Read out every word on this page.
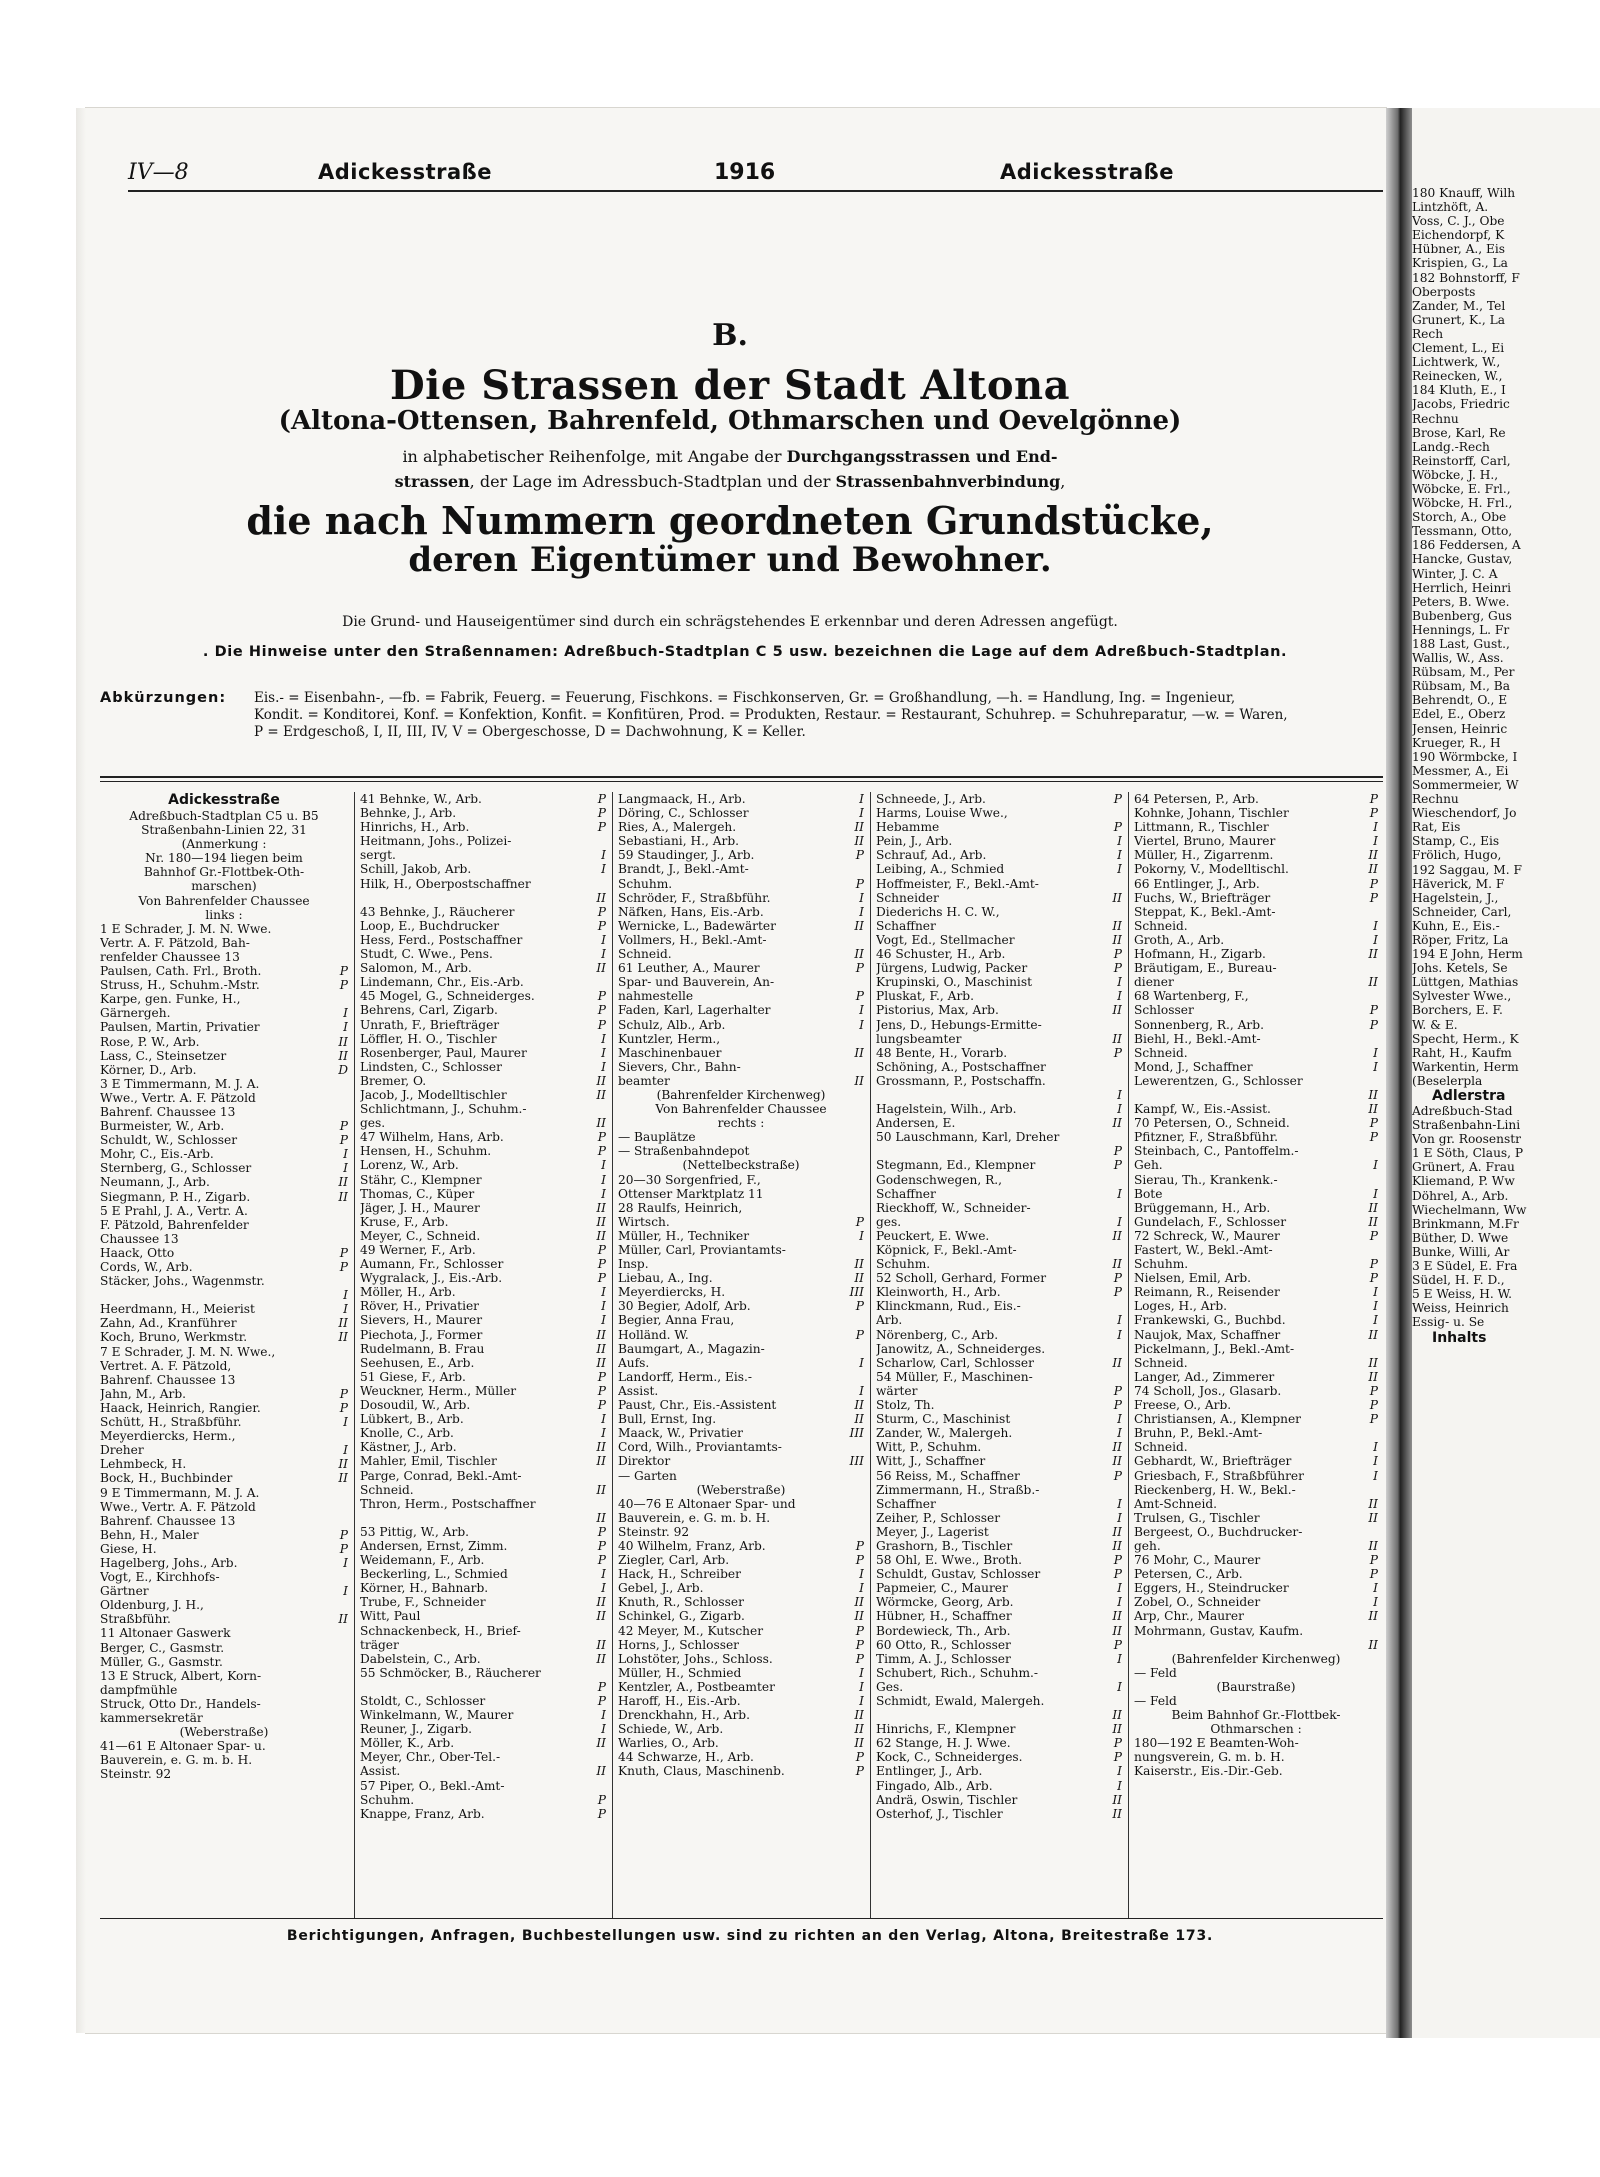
180 Knauff, Wilh
Lintzhöft, A.
Voss, C. J., Obe
Eichendorpf, K
Hübner, A., Eis
Krispien, G., La
182 Bohnstorff, F
Oberposts
Zander, M., Tel
Grunert, K., La
Rech
Clement, L., Ei
Lichtwerk, W.,
Reinecken, W.,
184 Kluth, E., I
Jacobs, Friedric
Rechnu
Brose, Karl, Re
Landg.-Rech
Reinstorff, Carl,
Wöbcke, J. H.,
Wöbcke, E. Frl.,
Wöbcke, H. Frl.,
Storch, A., Obe
Tessmann, Otto,
186 Feddersen, A
Hancke, Gustav,
Winter, J. C. A
Herrlich, Heinri
Peters, B. Wwe.
Bubenberg, Gus
Hennings, L. Fr
188 Last, Gust.,
Wallis, W., Ass.
Rübsam, M., Per
Rübsam, M., Ba
Behrendt, O., E
Edel, E., Oberz
Jensen, Heinric
Krueger, R., H
190 Wörmbcke, I
Messmer, A., Ei
Sommermeier, W
Rechnu
Wieschendorf, Jo
Rat, Eis
Stamp, C., Eis
Frölich, Hugo,
192 Saggau, M. F
Häverick, M. F
Hagelstein, J.,
Schneider, Carl,
Kuhn, E., Eis.-
Röper, Fritz, La
194 E John, Herm
Johs. Ketels, Se
Lüttgen, Mathias
Sylvester Wwe.,
Borchers, E. F.
W. & E.
Specht, Herm., K
Raht, H., Kaufm
Warkentin, Herm
(Beselerpla
Adlerstra
Adreßbuch-Stad
Straßenbahn-Lini
Von gr. Roosenstr
1 E Söth, Claus, P
Grünert, A. Frau
Kliemand, P. Ww
Döhrel, A., Arb.
Wiechelmann, Ww
Brinkmann, M.Fr
Büther, D. Wwe
Bunke, Willi, Ar
3 E Südel, E. Fra
Südel, H. F. D.,
5 E Weiss, H. W.
Weiss, Heinrich
Essig- u. Se
Inhalts
IV—8	Adickesstraße	1916	Adickesstraße
B.
Die Strassen der Stadt Altona
(Altona-Ottensen, Bahrenfeld, Othmarschen und Oevelgönne)
in alphabetischer Reihenfolge, mit Angabe der Durchgangsstrassen und End-
strassen, der Lage im Adressbuch-Stadtplan und der Strassenbahnverbindung,
die nach Nummern geordneten Grundstücke,
deren Eigentümer und Bewohner.
Die Grund- und Hauseigentümer sind durch ein schrägstehendes E erkennbar und deren Adressen angefügt.
. Die Hinweise unter den Straßennamen: Adreßbuch-Stadtplan C 5 usw. bezeichnen die Lage auf dem Adreßbuch-Stadtplan.
Abkürzungen: Eis.- = Eisenbahn-, —fb. = Fabrik, Feuerg. = Feuerung, Fischkons. = Fischkonserven, Gr. = Großhandlung, —h. = Handlung, Ing. = Ingenieur,
Kondit. = Konditorei, Konf. = Konfektion, Konfit. = Konfitüren, Prod. = Produkten, Restaur. = Restaurant, Schuhrep. = Schuhreparatur, —w. = Waren,
P = Erdgeschoß, I, II, III, IV, V = Obergeschosse, D = Dachwohnung, K = Keller.
Adickesstraße
Adreßbuch-Stadtplan C5 u. B5
Straßenbahn-Linien 22, 31
(Anmerkung :
Nr. 180—194 liegen beim
Bahnhof Gr.-Flottbek-Oth-
marschen)
Von Bahrenfelder Chaussee
links :
1 E Schrader, J. M. N. Wwe.
Vertr. A. F. Pätzold, Bah-
renfelder Chaussee 13
Paulsen, Cath. Frl., Broth.	P
Struss, H., Schuhm.-Mstr.	P
Karpe, gen. Funke, H.,
Gärnergeh.	I
Paulsen, Martin, Privatier	I
Rose, P. W., Arb.	II
Lass, C., Steinsetzer	II
Körner, D., Arb.	D
3 E Timmermann, M. J. A.
Wwe., Vertr. A. F. Pätzold
Bahrenf. Chaussee 13
Burmeister, W., Arb.	P
Schuldt, W., Schlosser	P
Mohr, C., Eis.-Arb.	I
Sternberg, G., Schlosser	I
Neumann, J., Arb.	II
Siegmann, P. H., Zigarb.	II
5 E Prahl, J. A., Vertr. A.
F. Pätzold, Bahrenfelder
Chaussee 13
Haack, Otto	P
Cords, W., Arb.	P
Stäcker, Johs., Wagenmstr.
I
Heerdmann, H., Meierist	I
Zahn, Ad., Kranführer	II
Koch, Bruno, Werkmstr.	II
7 E Schrader, J. M. N. Wwe.,
Vertret. A. F. Pätzold,
Bahrenf. Chaussee 13
Jahn, M., Arb.	P
Haack, Heinrich, Rangier.	P
Schütt, H., Straßbführ.	I
Meyerdiercks, Herm.,
Dreher	I
Lehmbeck, H.	II
Bock, H., Buchbinder	II
9 E Timmermann, M. J. A.
Wwe., Vertr. A. F. Pätzold
Bahrenf. Chaussee 13
Behn, H., Maler	P
Giese, H.	P
Hagelberg, Johs., Arb.	I
Vogt, E., Kirchhofs-
Gärtner	I
Oldenburg, J. H.,
Straßbführ.	II
11 Altonaer Gaswerk
Berger, C., Gasmstr.
Müller, G., Gasmstr.
13 E Struck, Albert, Korn-
dampfmühle
Struck, Otto Dr., Handels-
kammersekretär
(Weberstraße)
41—61 E Altonaer Spar- u.
Bauverein, e. G. m. b. H.
Steinstr. 92
41 Behnke, W., Arb.	P
Behnke, J., Arb.	P
Hinrichs, H., Arb.	P
Heitmann, Johs., Polizei-
sergt.	I
Schill, Jakob, Arb.	I
Hilk, H., Oberpostschaffner
II
43 Behnke, J., Räucherer	P
Loop, E., Buchdrucker	P
Hess, Ferd., Postschaffner	I
Studt, C. Wwe., Pens.	I
Salomon, M., Arb.	II
Lindemann, Chr., Eis.-Arb.
45 Mogel, G., Schneiderges.	P
Behrens, Carl, Zigarb.	P
Unrath, F., Briefträger	P
Löffler, H. O., Tischler	I
Rosenberger, Paul, Maurer	I
Lindsten, C., Schlosser	I
Bremer, O.	II
Jacob, J., Modelltischler	II
Schlichtmann, J., Schuhm.-
ges.	II
47 Wilhelm, Hans, Arb.	P
Hensen, H., Schuhm.	P
Lorenz, W., Arb.	I
Stähr, C., Klempner	I
Thomas, C., Küper	I
Jäger, J. H., Maurer	II
Kruse, F., Arb.	II
Meyer, C., Schneid.	II
49 Werner, F., Arb.	P
Aumann, Fr., Schlosser	P
Wygralack, J., Eis.-Arb.	P
Möller, H., Arb.	I
Röver, H., Privatier	I
Sievers, H., Maurer	I
Piechota, J., Former	II
Rudelmann, B. Frau	II
Seehusen, E., Arb.	II
51 Giese, F., Arb.	P
Weuckner, Herm., Müller	P
Dosoudil, W., Arb.	P
Lübkert, B., Arb.	I
Knolle, C., Arb.	I
Kästner, J., Arb.	II
Mahler, Emil, Tischler	II
Parge, Conrad, Bekl.-Amt-
Schneid.	II
Thron, Herm., Postschaffner
II
53 Pittig, W., Arb.	P
Andersen, Ernst, Zimm.	P
Weidemann, F., Arb.	P
Beckerling, L., Schmied	I
Körner, H., Bahnarb.	I
Trube, F., Schneider	II
Witt, Paul	II
Schnackenbeck, H., Brief-
träger	II
Dabelstein, C., Arb.	II
55 Schmöcker, B., Räucherer
P
Stoldt, C., Schlosser	P
Winkelmann, W., Maurer	I
Reuner, J., Zigarb.	I
Möller, K., Arb.	II
Meyer, Chr., Ober-Tel.-
Assist.	II
57 Piper, O., Bekl.-Amt-
Schuhm.	P
Knappe, Franz, Arb.	P
Langmaack, H., Arb.	I
Döring, C., Schlosser	I
Ries, A., Malergeh.	II
Sebastiani, H., Arb.	II
59 Staudinger, J., Arb.	P
Brandt, J., Bekl.-Amt-
Schuhm.	P
Schröder, F., Straßbführ.	I
Näfken, Hans, Eis.-Arb.	I
Wernicke, L., Badewärter	II
Vollmers, H., Bekl.-Amt-
Schneid.	II
61 Leuther, A., Maurer	P
Spar- und Bauverein, An-
nahmestelle	P
Faden, Karl, Lagerhalter	I
Schulz, Alb., Arb.	I
Kuntzler, Herm.,
Maschinenbauer	II
Sievers, Chr., Bahn-
beamter	II
(Bahrenfelder Kirchenweg)
Von Bahrenfelder Chaussee
rechts :
— Bauplätze
— Straßenbahndepot
(Nettelbeckstraße)
20—30 Sorgenfried, F.,
Ottenser Marktplatz 11
28 Raulfs, Heinrich,
Wirtsch.	P
Müller, H., Techniker	I
Müller, Carl, Proviantamts-
Insp.	II
Liebau, A., Ing.	II
Meyerdiercks, H.	III
30 Begier, Adolf, Arb.	P
Begier, Anna Frau,
Holländ. W.	P
Baumgart, A., Magazin-
Aufs.	I
Landorff, Herm., Eis.-
Assist.	I
Paust, Chr., Eis.-Assistent	II
Bull, Ernst, Ing.	II
Maack, W., Privatier	III
Cord, Wilh., Proviantamts-
Direktor	III
— Garten
(Weberstraße)
40—76 E Altonaer Spar- und
Bauverein, e. G. m. b. H.
Steinstr. 92
40 Wilhelm, Franz, Arb.	P
Ziegler, Carl, Arb.	P
Hack, H., Schreiber	I
Gebel, J., Arb.	I
Knuth, R., Schlosser	II
Schinkel, G., Zigarb.	II
42 Meyer, M., Kutscher	P
Horns, J., Schlosser	P
Lohstöter, Johs., Schloss.	P
Müller, H., Schmied	I
Kentzler, A., Postbeamter	I
Haroff, H., Eis.-Arb.	I
Drenckhahn, H., Arb.	II
Schiede, W., Arb.	II
Warlies, O., Arb.	II
44 Schwarze, H., Arb.	P
Knuth, Claus, Maschinenb.	P
Schneede, J., Arb.	P
Harms, Louise Wwe.,
Hebamme	P
Pein, J., Arb.	I
Schrauf, Ad., Arb.	I
Leibing, A., Schmied	I
Hoffmeister, F., Bekl.-Amt-
Schneider	II
Diederichs H. C. W.,
Schaffner	II
Vogt, Ed., Stellmacher	II
46 Schuster, H., Arb.	P
Jürgens, Ludwig, Packer	P
Krupinski, O., Maschinist	I
Pluskat, F., Arb.	I
Pistorius, Max, Arb.	II
Jens, D., Hebungs-Ermitte-
lungsbeamter	II
48 Bente, H., Vorarb.	P
Schöning, A., Postschaffner
Grossmann, P., Postschaffn.
I
Hagelstein, Wilh., Arb.	I
Andersen, E.	II
50 Lauschmann, Karl, Dreher
P
Stegmann, Ed., Klempner	P
Godenschwegen, R.,
Schaffner	I
Rieckhoff, W., Schneider-
ges.	I
Peuckert, E. Wwe.	II
Köpnick, F., Bekl.-Amt-
Schuhm.	II
52 Scholl, Gerhard, Former	P
Kleinworth, H., Arb.	P
Klinckmann, Rud., Eis.-
Arb.	I
Nörenberg, C., Arb.	I
Janowitz, A., Schneiderges.
Scharlow, Carl, Schlosser	II
54 Müller, F., Maschinen-
wärter	P
Stolz, Th.	P
Sturm, C., Maschinist	I
Zander, W., Malergeh.	I
Witt, P., Schuhm.	II
Witt, J., Schaffner	II
56 Reiss, M., Schaffner	P
Zimmermann, H., Straßb.-
Schaffner	I
Zeiher, P., Schlosser	I
Meyer, J., Lagerist	II
Grashorn, B., Tischler	II
58 Ohl, E. Wwe., Broth.	P
Schuldt, Gustav, Schlosser	P
Papmeier, C., Maurer	I
Wörmcke, Georg, Arb.	I
Hübner, H., Schaffner	II
Bordewieck, Th., Arb.	II
60 Otto, R., Schlosser	P
Timm, A. J., Schlosser	I
Schubert, Rich., Schuhm.-
Ges.	I
Schmidt, Ewald, Malergeh.
II
Hinrichs, F., Klempner	II
62 Stange, H. J. Wwe.	P
Kock, C., Schneiderges.	P
Entlinger, J., Arb.	I
Fingado, Alb., Arb.	I
Andrä, Oswin, Tischler	II
Osterhof, J., Tischler	II
64 Petersen, P., Arb.	P
Kohnke, Johann, Tischler	P
Littmann, R., Tischler	I
Viertel, Bruno, Maurer	I
Müller, H., Zigarrenm.	II
Pokorny, V., Modelltischl.	II
66 Entlinger, J., Arb.	P
Fuchs, W., Briefträger	P
Steppat, K., Bekl.-Amt-
Schneid.	I
Groth, A., Arb.	I
Hofmann, H., Zigarb.	II
Bräutigam, E., Bureau-
diener	II
68 Wartenberg, F.,
Schlosser	P
Sonnenberg, R., Arb.	P
Biehl, H., Bekl.-Amt-
Schneid.	I
Mond, J., Schaffner	I
Lewerentzen, G., Schlosser
II
Kampf, W., Eis.-Assist.	II
70 Petersen, O., Schneid.	P
Pfitzner, F., Straßbführ.	P
Steinbach, C., Pantoffelm.-
Geh.	I
Sierau, Th., Krankenk.-
Bote	I
Brüggemann, H., Arb.	II
Gundelach, F., Schlosser	II
72 Schreck, W., Maurer	P
Fastert, W., Bekl.-Amt-
Schuhm.	P
Nielsen, Emil, Arb.	P
Reimann, R., Reisender	I
Loges, H., Arb.	I
Frankewski, G., Buchbd.	I
Naujok, Max, Schaffner	II
Pickelmann, J., Bekl.-Amt-
Schneid.	II
Langer, Ad., Zimmerer	II
74 Scholl, Jos., Glasarb.	P
Freese, O., Arb.	P
Christiansen, A., Klempner	P
Bruhn, P., Bekl.-Amt-
Schneid.	I
Gebhardt, W., Briefträger	I
Griesbach, F., Straßbführer	I
Rieckenberg, H. W., Bekl.-
Amt-Schneid.	II
Trulsen, G., Tischler	II
Bergeest, O., Buchdrucker-
geh.	II
76 Mohr, C., Maurer	P
Petersen, C., Arb.	P
Eggers, H., Steindrucker	I
Zobel, O., Schneider	I
Arp, Chr., Maurer	II
Mohrmann, Gustav, Kaufm.
II
(Bahrenfelder Kirchenweg)
— Feld
(Baurstraße)
— Feld
Beim Bahnhof Gr.-Flottbek-
Othmarschen :
180—192 E Beamten-Woh-
nungsverein, G. m. b. H.
Kaiserstr., Eis.-Dir.-Geb.
Berichtigungen, Anfragen, Buchbestellungen usw. sind zu richten an den Verlag, Altona, Breitestraße 173.
